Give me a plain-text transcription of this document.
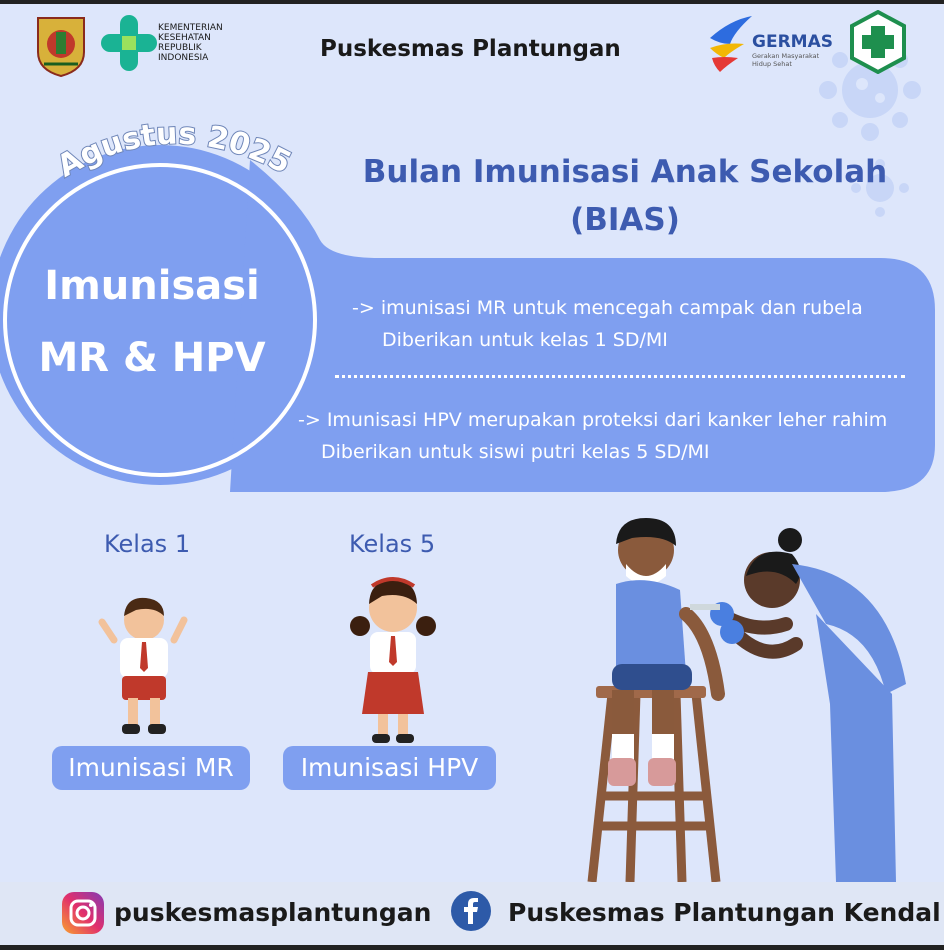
KEMENTERIAN
KESEHATAN
REPUBLIK
INDONESIA	Puskesmas Plantungan	GERMAS
Gerakan Masyarakat Hidup Sehat
Agustus 2025	Bulan Imunisasi Anak Sekolah
(BIAS)
Imunisasi
MR & HPV
-> imunisasi MR untuk mencegah campak dan rubela
Diberikan untuk kelas 1 SD/MI
-> Imunisasi HPV merupakan proteksi dari kanker leher rahim
Diberikan untuk siswi putri kelas 5 SD/MI
Kelas 1	Kelas 5
Imunisasi MR	Imunisasi HPV
puskesmasplantungan	Puskesmas Plantungan Kendal
